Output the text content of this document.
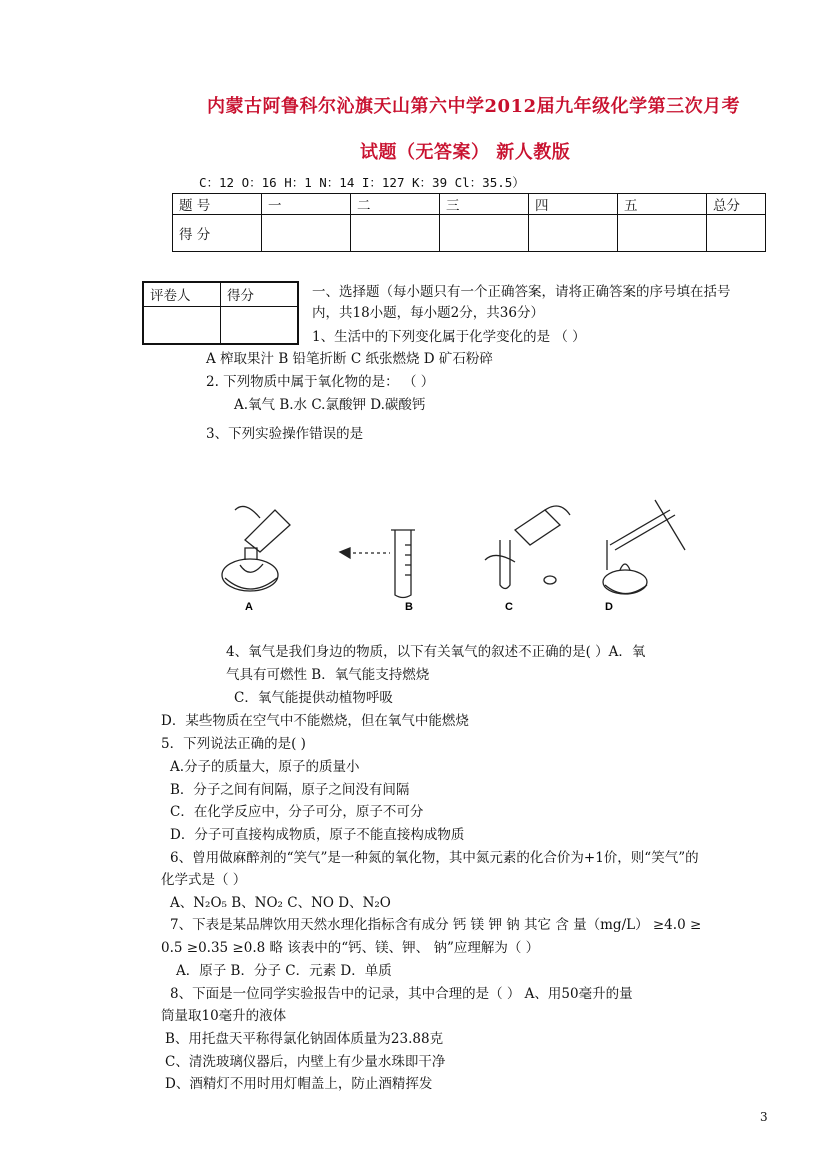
内蒙古阿鲁科尔沁旗天山第六中学2012届九年级化学第三次月考
试题（无答案） 新人教版
C：12 O：16 H：1 N：14 I：127 K：39 Cl：35.5）
题 号	一	二	三	四	五	总分
得 分						
评卷人	得分
		一、选择题（每小题只有一个正确答案，请将正确答案的序号填在括号
内，共18小题，每小题2分，共36分）
1、生活中的下列变化属于化学变化的是 （ ）
A 榨取果汁 B 铅笔折断 C 纸张燃烧 D 矿石粉碎
2. 下列物质中属于氧化物的是： （ ）
A.氧气 B.水 C.氯酸钾 D.碳酸钙
3、下列实验操作错误的是
A	B	C	D
4、氧气是我们身边的物质，以下有关氧气的叙述不正确的是( ）A．氧
气具有可燃性 B．氧气能支持燃烧
C．氧气能提供动植物呼吸
D．某些物质在空气中不能燃烧，但在氧气中能燃烧
5．下列说法正确的是( )
A.分子的质量大，原子的质量小
B．分子之间有间隔，原子之间没有间隔
C．在化学反应中，分子可分，原子不可分
D．分子可直接构成物质，原子不能直接构成物质
6、曾用做麻醉剂的“笑气”是一种氮的氧化物，其中氮元素的化合价为+1价，则“笑气”的
化学式是（ ）
A、N₂O₅ B、NO₂ C、NO D、N₂O
7、下表是某品牌饮用天然水理化指标含有成分 钙 镁 钾 钠 其它 含 量（mg/L） ≥4.0 ≥
0.5 ≥0.35 ≥0.8 略 该表中的“钙、镁、钾、 钠”应理解为（ ）
A．原子 B．分子 C．元素 D．单质
8、下面是一位同学实验报告中的记录，其中合理的是（ ） A、用50毫升的量
筒量取10毫升的液体
B、用托盘天平称得氯化钠固体质量为23.88克
C、清洗玻璃仪器后，内壁上有少量水珠即干净
D、酒精灯不用时用灯帽盖上，防止酒精挥发
3
